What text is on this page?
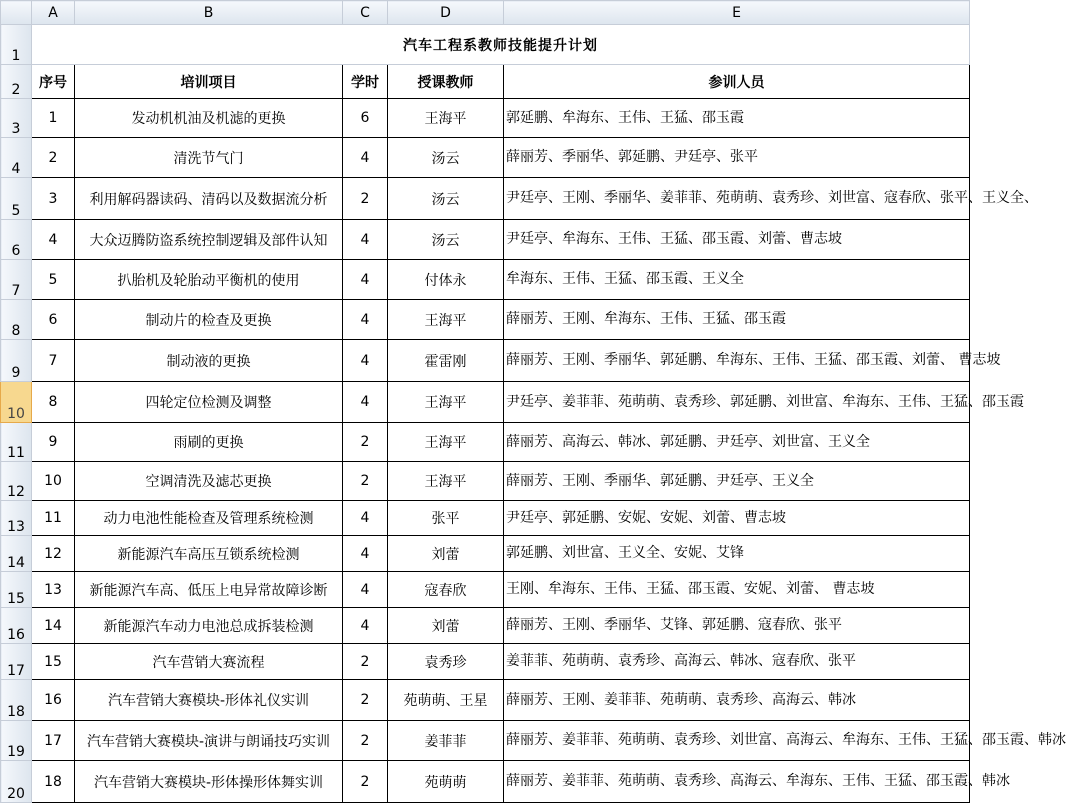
	A	B	C	D	E
1	汽车工程系教师技能提升计划				
2	序号	培训项目	学时	授课教师	参训人员
3	1	发动机机油及机滤的更换	6	王海平	郭延鹏、牟海东、王伟、王猛、邵玉霞
4	2	清洗节气门	4	汤云	薛丽芳、季丽华、郭延鹏、尹廷亭、张平
5	3	利用解码器读码、清码以及数据流分析	2	汤云	尹廷亭、王刚、季丽华、姜菲菲、苑萌萌、袁秀珍、刘世富、寇春欣、张平、王义全、
6	4	大众迈腾防盗系统控制逻辑及部件认知	4	汤云	尹廷亭、牟海东、王伟、王猛、邵玉霞、刘蕾、曹志坡
7	5	扒胎机及轮胎动平衡机的使用	4	付体永	牟海东、王伟、王猛、邵玉霞、王义全
8	6	制动片的检查及更换	4	王海平	薛丽芳、王刚、牟海东、王伟、王猛、邵玉霞
9	7	制动液的更换	4	霍雷刚	薛丽芳、王刚、季丽华、郭延鹏、牟海东、王伟、王猛、邵玉霞、刘蕾、 曹志坡
10	8	四轮定位检测及调整	4	王海平	尹廷亭、姜菲菲、苑萌萌、袁秀珍、郭延鹏、刘世富、牟海东、王伟、王猛、邵玉霞
11	9	雨刷的更换	2	王海平	薛丽芳、高海云、韩冰、郭延鹏、尹廷亭、刘世富、王义全
12	10	空调清洗及滤芯更换	2	王海平	薛丽芳、王刚、季丽华、郭延鹏、尹廷亭、王义全
13	11	动力电池性能检查及管理系统检测	4	张平	尹廷亭、郭延鹏、安妮、安妮、刘蕾、曹志坡
14	12	新能源汽车高压互锁系统检测	4	刘蕾	郭延鹏、刘世富、王义全、安妮、艾锋
15	13	新能源汽车高、低压上电异常故障诊断	4	寇春欣	王刚、牟海东、王伟、王猛、邵玉霞、安妮、刘蕾、 曹志坡
16	14	新能源汽车动力电池总成拆装检测	4	刘蕾	薛丽芳、王刚、季丽华、艾锋、郭延鹏、寇春欣、张平
17	15	汽车营销大赛流程	2	袁秀珍	姜菲菲、苑萌萌、袁秀珍、高海云、韩冰、寇春欣、张平
18	16	汽车营销大赛模块-形体礼仪实训	2	苑萌萌、王星	薛丽芳、王刚、姜菲菲、苑萌萌、袁秀珍、高海云、韩冰
19	17	汽车营销大赛模块-演讲与朗诵技巧实训	2	姜菲菲	薛丽芳、姜菲菲、苑萌萌、袁秀珍、刘世富、高海云、牟海东、王伟、王猛、邵玉霞、韩冰
20	18	汽车营销大赛模块-形体操形体舞实训	2	苑萌萌	薛丽芳、姜菲菲、苑萌萌、袁秀珍、高海云、牟海东、王伟、王猛、邵玉霞、韩冰
